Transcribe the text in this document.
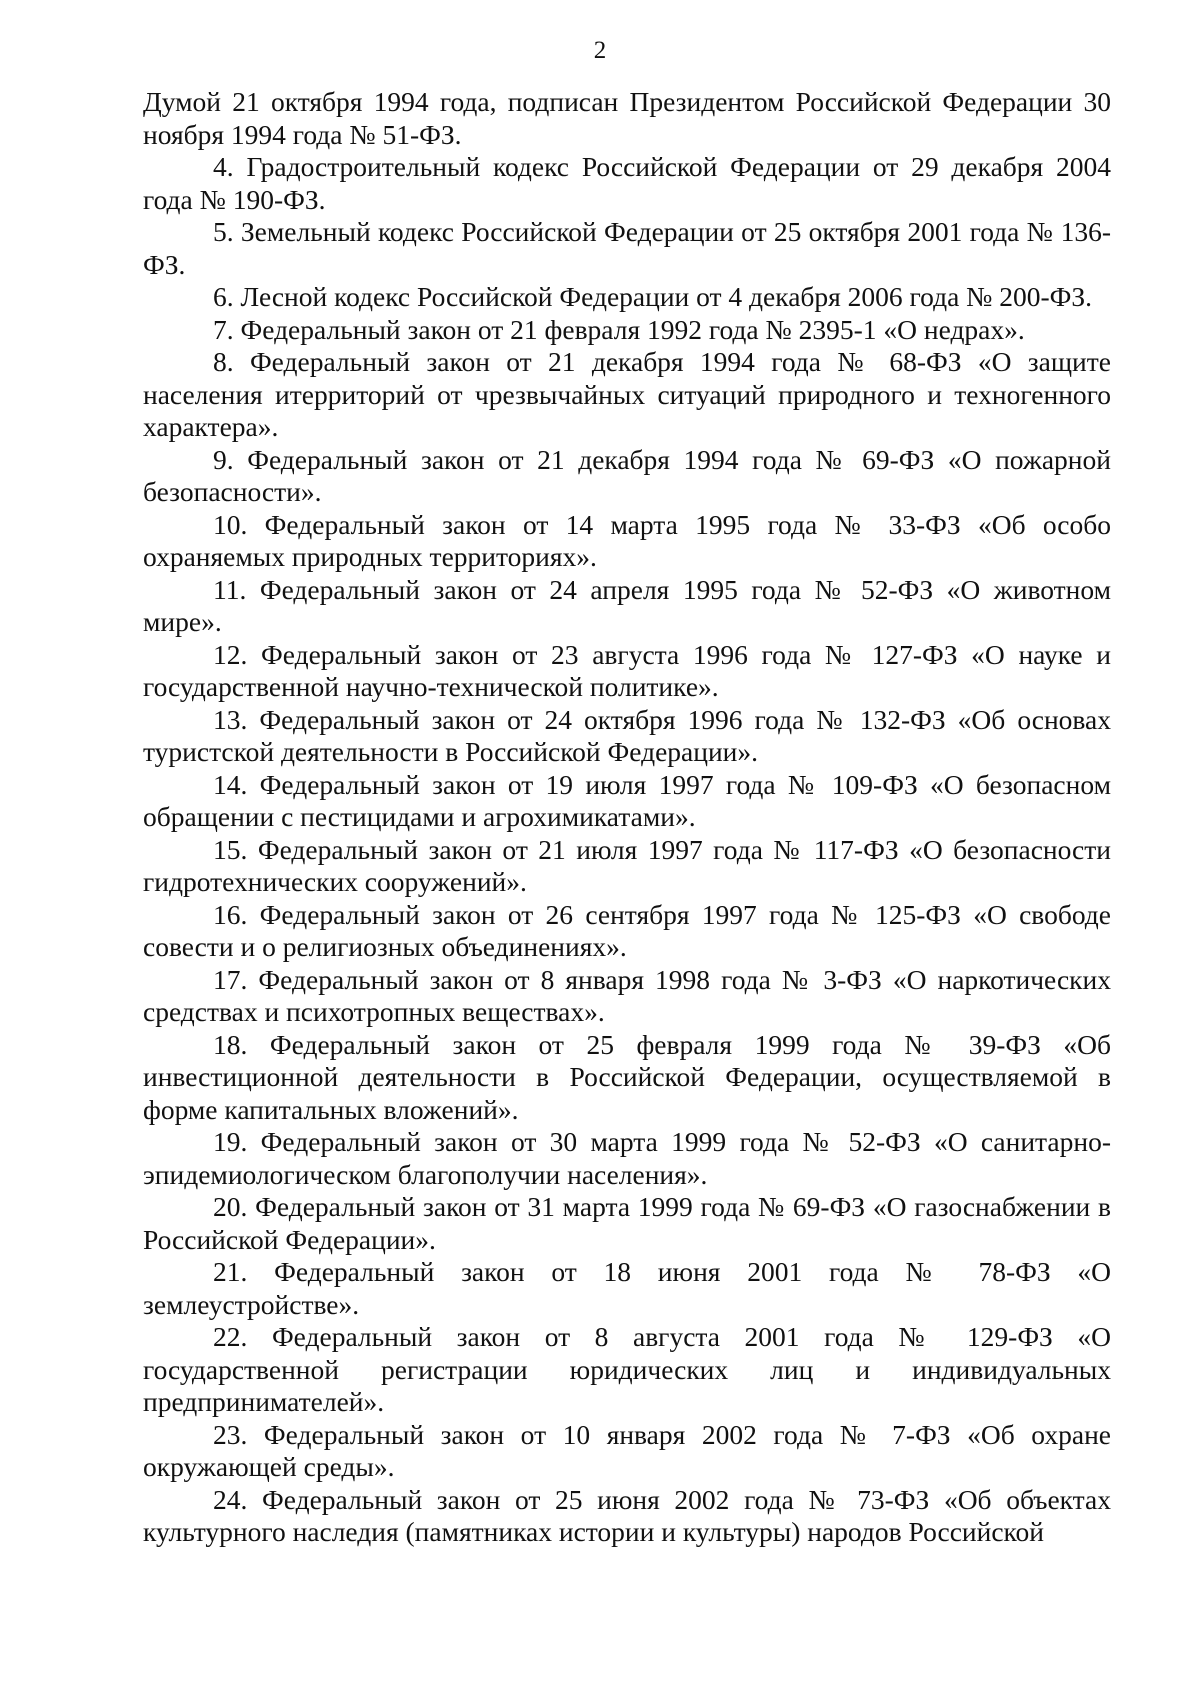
2

Думой 21 октября 1994 года, подписан Президентом Российской Федерации 30 ноября 1994 года № 51-ФЗ.

4. Градостроительный кодекс Российской Федерации от 29 декабря 2004 года № 190-ФЗ.

5. Земельный кодекс Российской Федерации от 25 октября 2001 года № 136-ФЗ.

6. Лесной кодекс Российской Федерации от 4 декабря 2006 года № 200-ФЗ.

7. Федеральный закон от 21 февраля 1992 года № 2395-1 «О недрах».

8. Федеральный закон от 21 декабря 1994 года № 68-ФЗ «О защите населения итерриторий от чрезвычайных ситуаций природного и техногенного характера».

9. Федеральный закон от 21 декабря 1994 года № 69-ФЗ «О пожарной безопасности».

10. Федеральный закон от 14 марта 1995 года № 33-ФЗ «Об особо охраняемых природных территориях».

11. Федеральный закон от 24 апреля 1995 года № 52-ФЗ «О животном мире».

12. Федеральный закон от 23 августа 1996 года № 127-ФЗ «О науке и государственной научно-технической политике».

13. Федеральный закон от 24 октября 1996 года № 132-ФЗ «Об основах туристской деятельности в Российской Федерации».

14. Федеральный закон от 19 июля 1997 года № 109-ФЗ «О безопасном обращении с пестицидами и агрохимикатами».

15. Федеральный закон от 21 июля 1997 года № 117-ФЗ «О безопасности гидротехнических сооружений».

16. Федеральный закон от 26 сентября 1997 года № 125-ФЗ «О свободе совести и о религиозных объединениях».

17. Федеральный закон от 8 января 1998 года № 3-ФЗ «О наркотических средствах и психотропных веществах».

18. Федеральный закон от 25 февраля 1999 года № 39-ФЗ «Об инвестиционной деятельности в Российской Федерации, осуществляемой в форме капитальных вложений».

19. Федеральный закон от 30 марта 1999 года № 52-ФЗ «О санитарно-эпидемиологическом благополучии населения».

20. Федеральный закон от 31 марта 1999 года № 69-ФЗ «О газоснабжении в Российской Федерации».

21. Федеральный закон от 18 июня 2001 года № 78-ФЗ «О землеустройстве».

22. Федеральный закон от 8 августа 2001 года № 129-ФЗ «О государственной регистрации юридических лиц и индивидуальных предпринимателей».

23. Федеральный закон от 10 января 2002 года № 7-ФЗ «Об охране окружающей среды».

24. Федеральный закон от 25 июня 2002 года № 73-ФЗ «Об объектах культурного наследия (памятниках истории и культуры) народов Российской
